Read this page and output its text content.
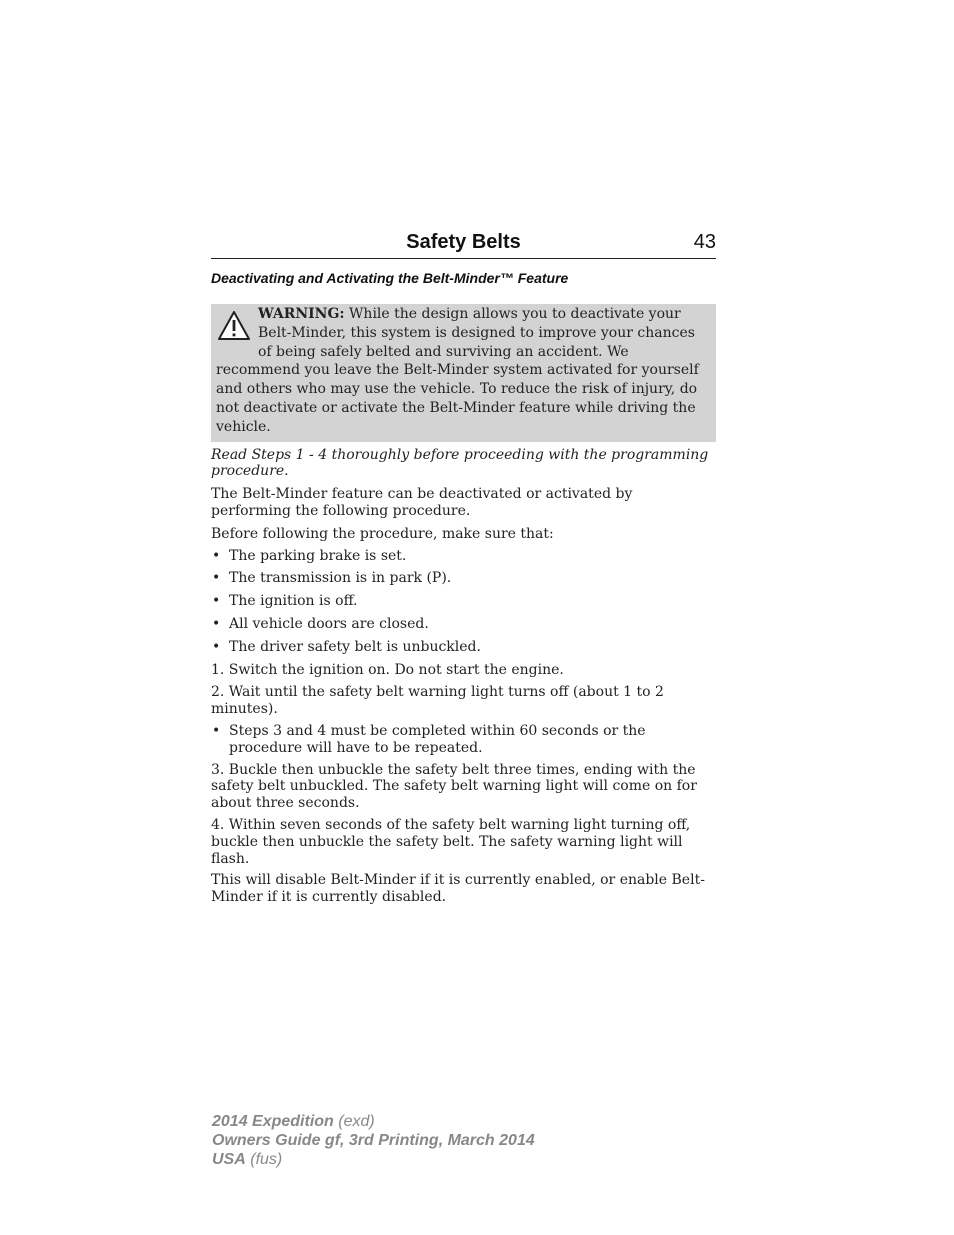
Safety Belts	43
Deactivating and Activating the Belt-Minder™ Feature
WARNING: While the design allows you to deactivate your Belt-Minder, this system is designed to improve your chances of being safely belted and surviving an accident. We recommend you leave the Belt-Minder system activated for yourself and others who may use the vehicle. To reduce the risk of injury, do not deactivate or activate the Belt-Minder feature while driving the vehicle.

Read Steps 1 - 4 thoroughly before proceeding with the programming procedure.

The Belt-Minder feature can be deactivated or activated by performing the following procedure.

Before following the procedure, make sure that:

• The parking brake is set.
• The transmission is in park (P).
• The ignition is off.
• All vehicle doors are closed.
• The driver safety belt is unbuckled.

1. Switch the ignition on. Do not start the engine.

2. Wait until the safety belt warning light turns off (about 1 to 2 minutes).

• Steps 3 and 4 must be completed within 60 seconds or the procedure will have to be repeated.

3. Buckle then unbuckle the safety belt three times, ending with the safety belt unbuckled. The safety belt warning light will come on for about three seconds.

4. Within seven seconds of the safety belt warning light turning off, buckle then unbuckle the safety belt. The safety warning light will flash.

This will disable Belt-Minder if it is currently enabled, or enable Belt-Minder if it is currently disabled.

2014 Expedition (exd)
Owners Guide gf, 3rd Printing, March 2014
USA (fus)
